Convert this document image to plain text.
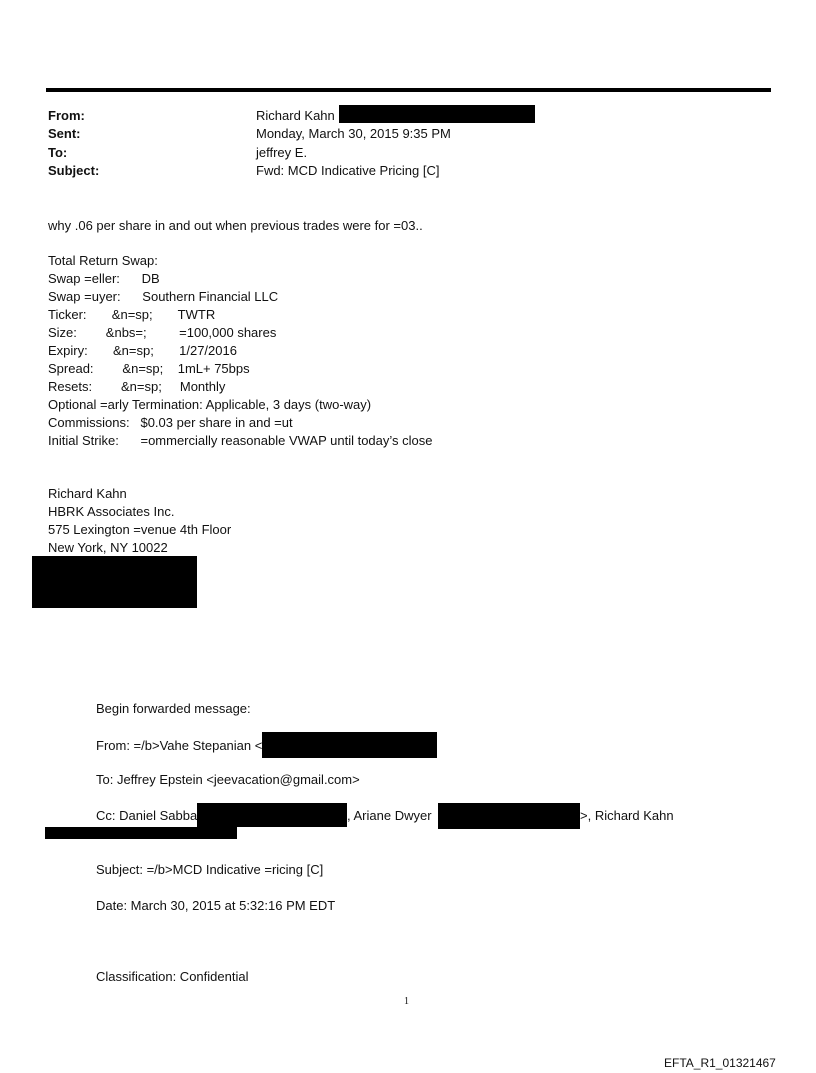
From:	Richard Kahn
Sent:	Monday, March 30, 2015 9:35 PM
To:	jeffrey E.
Subject:	Fwd: MCD Indicative Pricing [C]
why .06 per share in and out when previous trades were for =03..
Total Return Swap:
Swap =eller:      DB
Swap =uyer:      Southern Financial LLC
Ticker:       &n=sp;       TWTR
Size:        &nbs=;         =100,000 shares
Expiry:       &n=sp;       1/27/2016
Spread:        &n=sp;    1mL+ 75bps
Resets:        &n=sp;     Monthly
Optional =arly Termination: Applicable, 3 days (two-way)
Commissions:   $0.03 per share in and =ut
Initial Strike:      =ommercially reasonable VWAP until today’s close
Richard Kahn
HBRK Associates Inc.
575 Lexington =venue 4th Floor
New York, NY 10022
Begin forwarded message:
From: =/b>Vahe Stepanian <
To: Jeffrey Epstein <jeevacation@gmail.com>
Cc: Daniel Sabba	, Ariane Dwyer	>, Richard Kahn
Subject: =/b>MCD Indicative =ricing [C]
Date: March 30, 2015 at 5:32:16 PM EDT
Classification: Confidential
1
EFTA_R1_01321467
